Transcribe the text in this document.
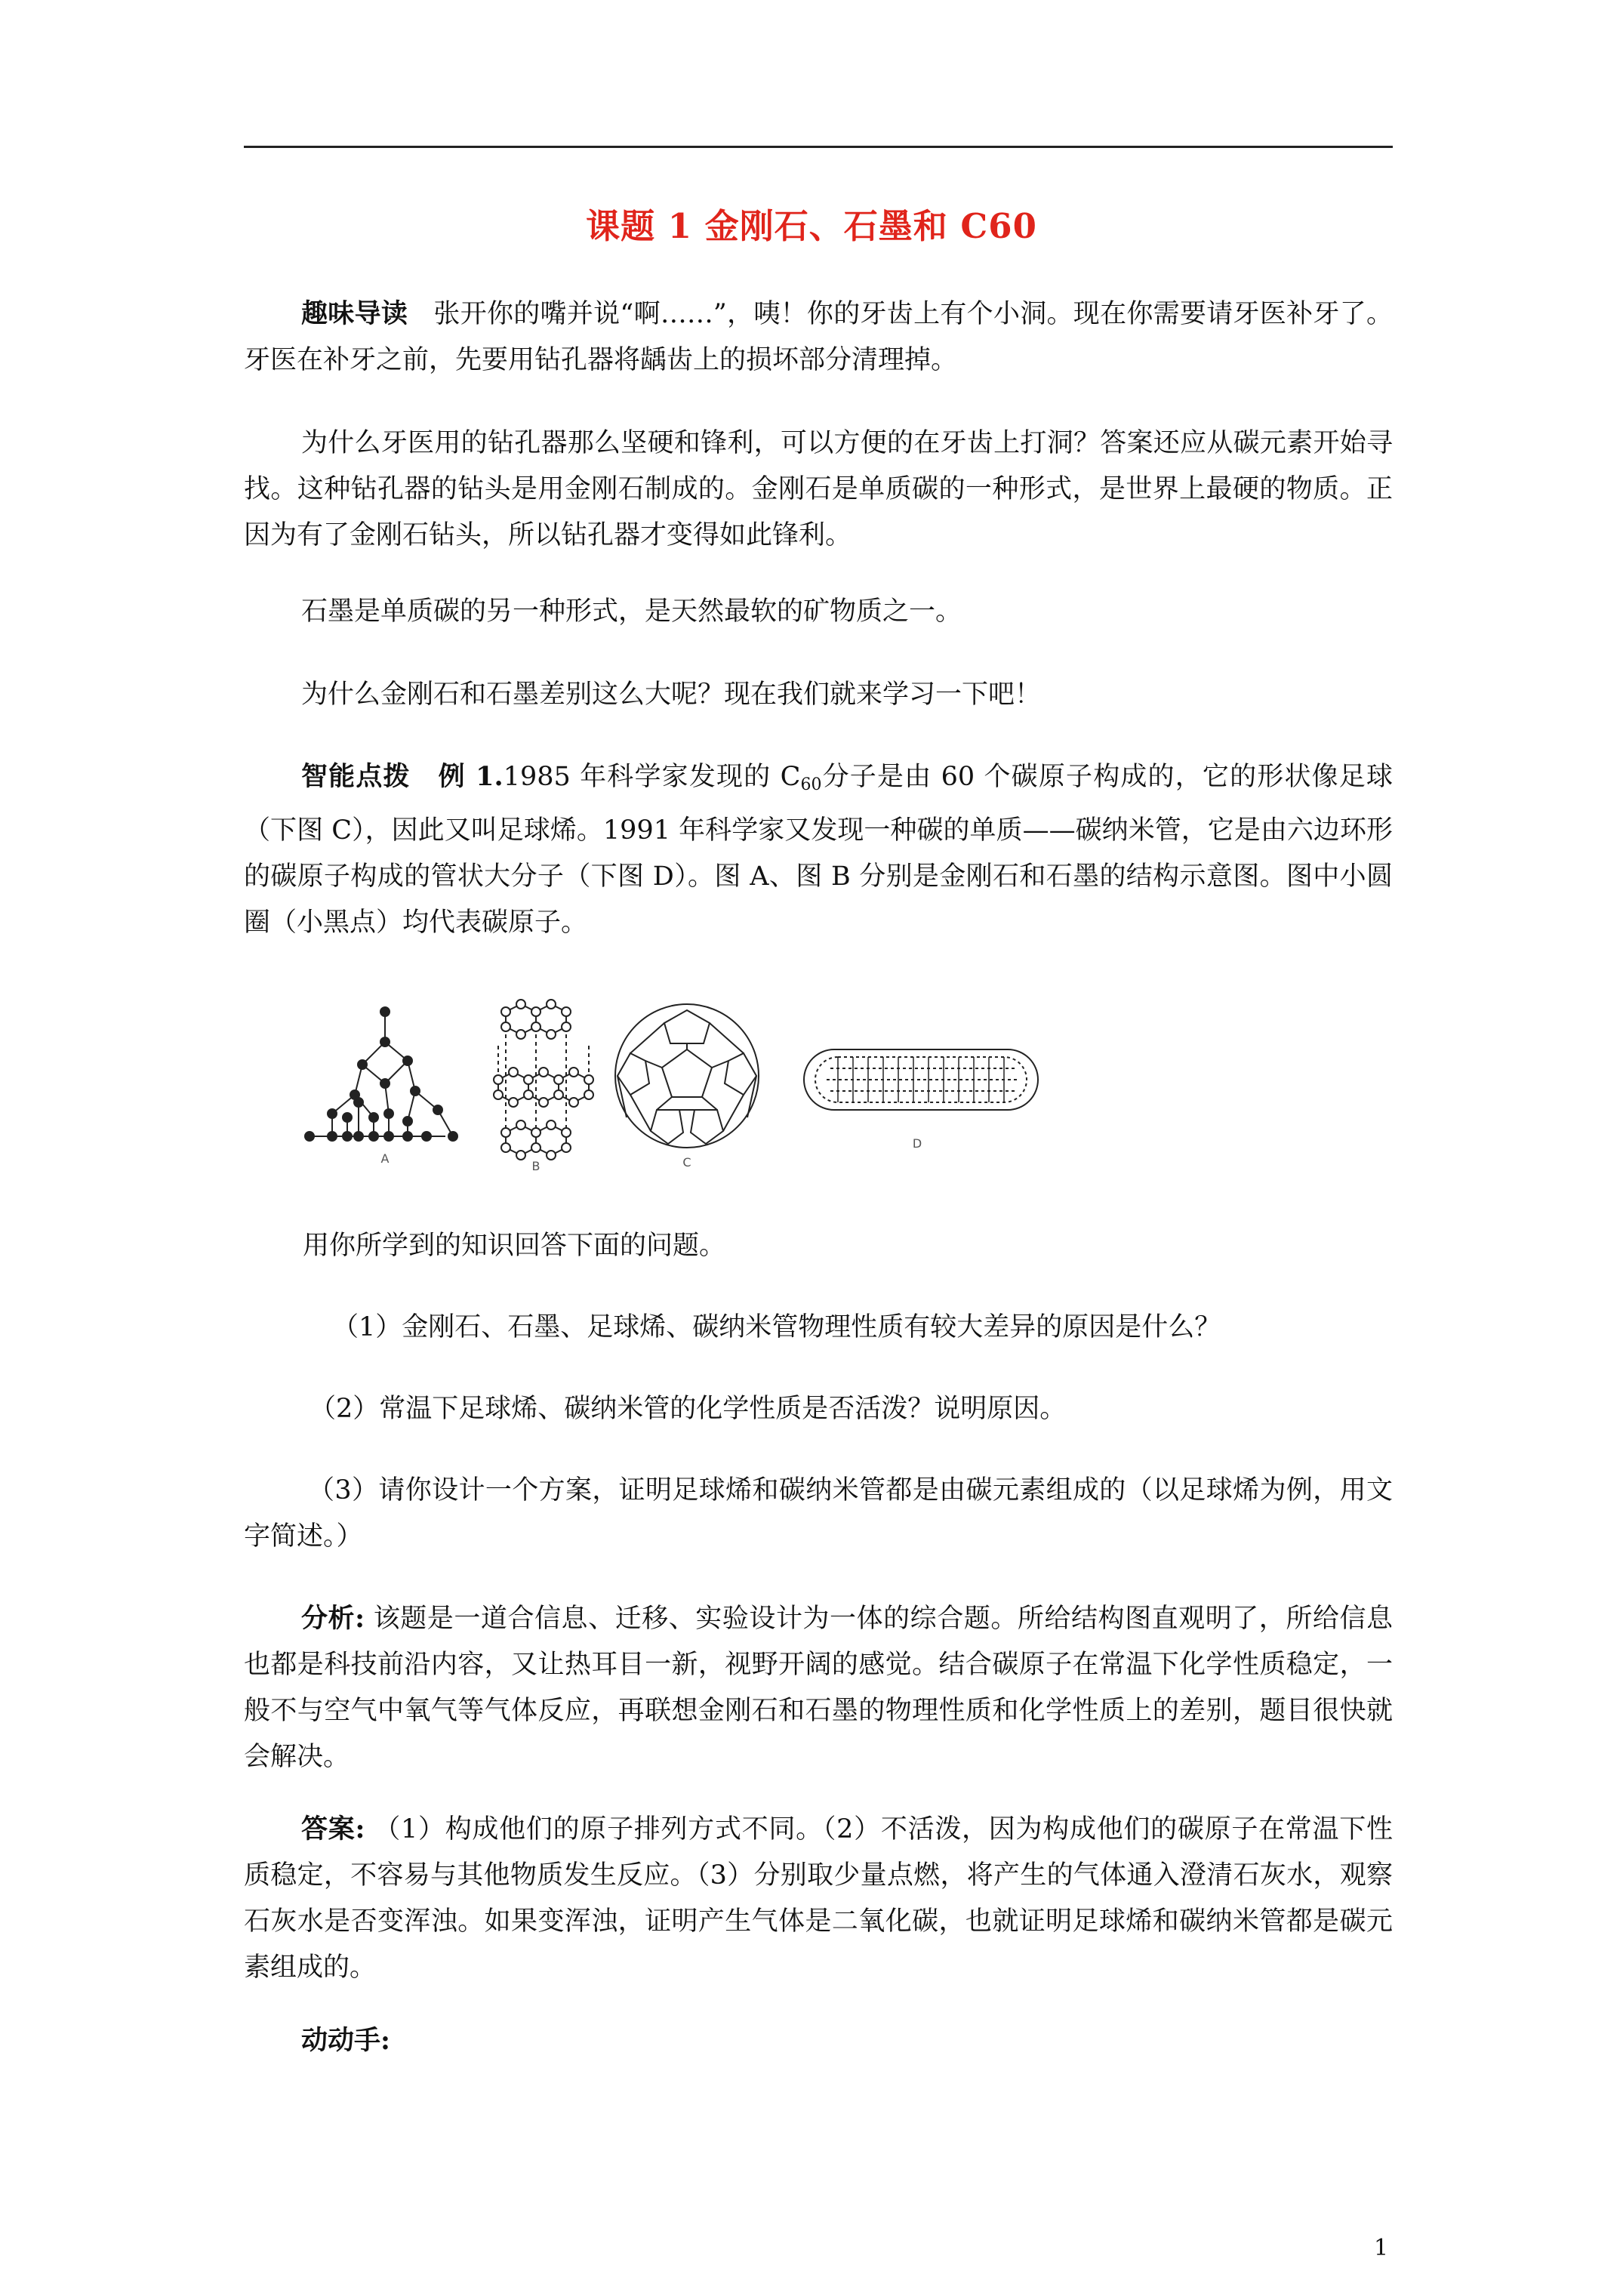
课题 1 金刚石、石墨和 C60
趣味导读 张开你的嘴并说“啊……”，咦！你的牙齿上有个小洞。现在你需要请牙医补牙了。牙医在补牙之前，先要用钻孔器将龋齿上的损坏部分清理掉。
为什么牙医用的钻孔器那么坚硬和锋利，可以方便的在牙齿上打洞？答案还应从碳元素开始寻找。这种钻孔器的钻头是用金刚石制成的。金刚石是单质碳的一种形式，是世界上最硬的物质。正因为有了金刚石钻头，所以钻孔器才变得如此锋利。
石墨是单质碳的另一种形式，是天然最软的矿物质之一。
为什么金刚石和石墨差别这么大呢？现在我们就来学习一下吧！
智能点拨 例 1.1985 年科学家发现的 $C_{60}$分子是由 60 个碳原子构成的，它的形状像足球（下图 C），因此又叫足球烯。1991 年科学家又发现一种碳的单质——碳纳米管，它是由六边环形的碳原子构成的管状大分子（下图 D）。图 A、图 B 分别是金刚石和石墨的结构示意图。图中小圆圈（小黑点）均代表碳原子。
A
B	C
D
用你所学到的知识回答下面的问题。
（1）金刚石、石墨、足球烯、碳纳米管物理性质有较大差异的原因是什么？
（2）常温下足球烯、碳纳米管的化学性质是否活泼？说明原因。
（3）请你设计一个方案，证明足球烯和碳纳米管都是由碳元素组成的（以足球烯为例，用文字简述。）
分析: 该题是一道合信息、迁移、实验设计为一体的综合题。所给结构图直观明了，所给信息也都是科技前沿内容，又让热耳目一新，视野开阔的感觉。结合碳原子在常温下化学性质稳定，一般不与空气中氧气等气体反应，再联想金刚石和石墨的物理性质和化学性质上的差别，题目很快就会解决。
答案: （1）构成他们的原子排列方式不同。（2）不活泼，因为构成他们的碳原子在常温下性质稳定，不容易与其他物质发生反应。（3）分别取少量点燃，将产生的气体通入澄清石灰水，观察石灰水是否变浑浊。如果变浑浊，证明产生气体是二氧化碳，也就证明足球烯和碳纳米管都是碳元素组成的。
动动手:
1
